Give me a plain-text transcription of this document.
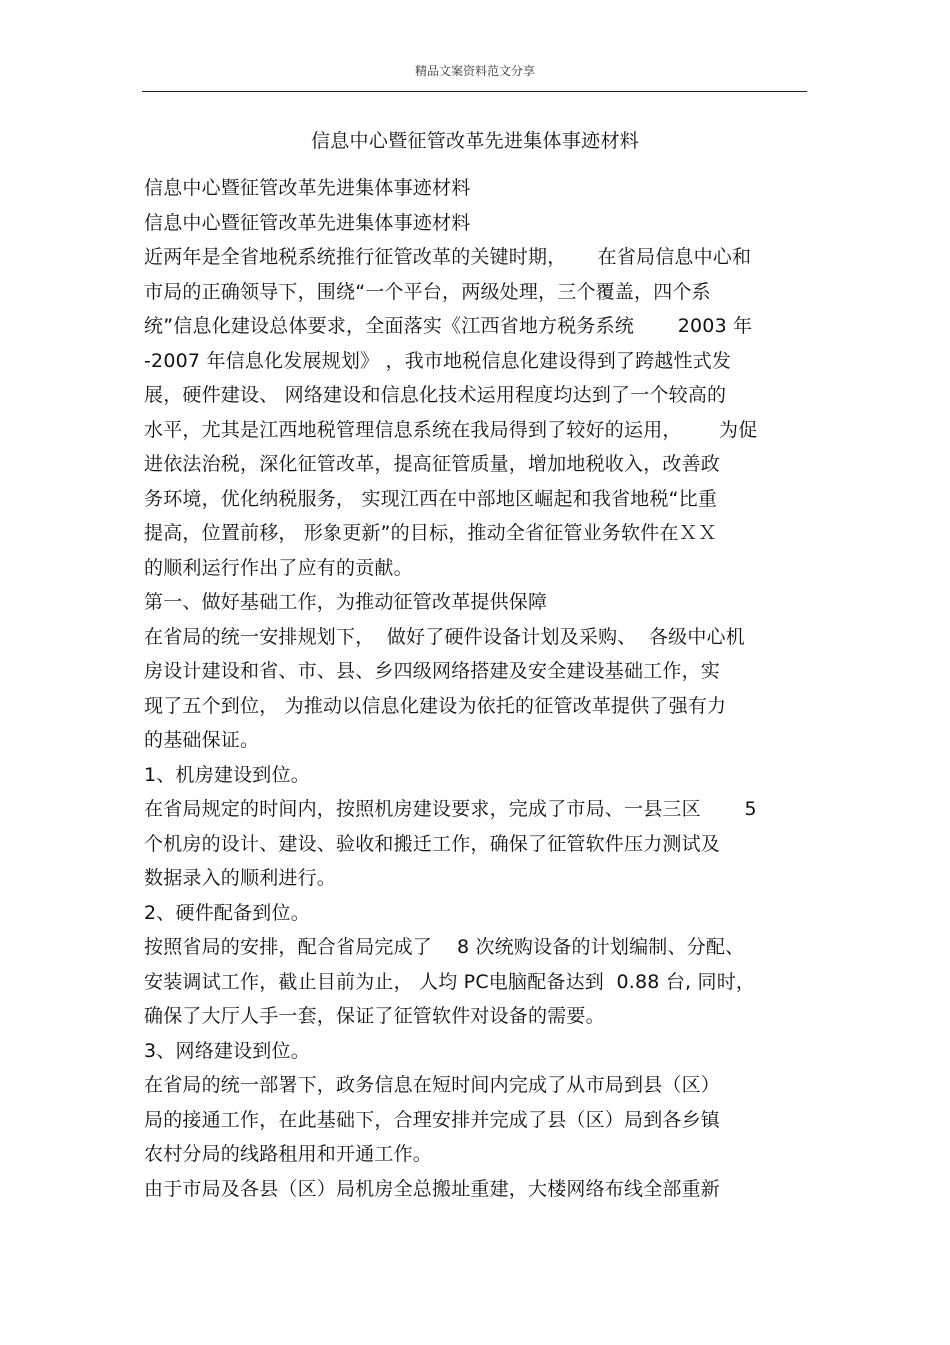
精品文案资料范文分享
信息中心暨征管改革先进集体事迹材料
信息中心暨征管改革先进集体事迹材料
信息中心暨征管改革先进集体事迹材料
近两年是全省地税系统推行征管改革的关键时期，     在省局信息中心和
市局的正确领导下，围绕“一个平台，两级处理，三个覆盖，四个系
统”信息化建设总体要求，全面落实《江西省地方税务系统       2003 年
-2007 年信息化发展规划》 ，我市地税信息化建设得到了跨越性式发
展，硬件建设、 网络建设和信息化技术运用程度均达到了一个较高的
水平，尤其是江西地税管理信息系统在我局得到了较好的运用，      为促
进依法治税，深化征管改革，提高征管质量，增加地税收入，改善政
务环境，优化纳税服务， 实现江西在中部地区崛起和我省地税“比重
提高，位置前移， 形象更新”的目标，推动全省征管业务软件在ＸＸ
的顺利运行作出了应有的贡献。
第一、做好基础工作，为推动征管改革提供保障
在省局的统一安排规划下，  做好了硬件设备计划及采购、  各级中心机
房设计建设和省、市、县、乡四级网络搭建及安全建设基础工作，实
现了五个到位， 为推动以信息化建设为依托的征管改革提供了强有力
的基础保证。
1、机房建设到位。
在省局规定的时间内，按照机房建设要求，完成了市局、一县三区       5
个机房的设计、建设、验收和搬迁工作，确保了征管软件压力测试及
数据录入的顺利进行。
2、硬件配备到位。
按照省局的安排，配合省局完成了    8 次统购设备的计划编制、分配、
安装调试工作，截止目前为止， 人均 PC电脑配备达到  0.88 台, 同时，
确保了大厅人手一套，保证了征管软件对设备的需要。
3、网络建设到位。
在省局的统一部署下，政务信息在短时间内完成了从市局到县（区）
局的接通工作，在此基础下，合理安排并完成了县（区）局到各乡镇
农村分局的线路租用和开通工作。
由于市局及各县（区）局机房全总搬址重建，大楼网络布线全部重新
